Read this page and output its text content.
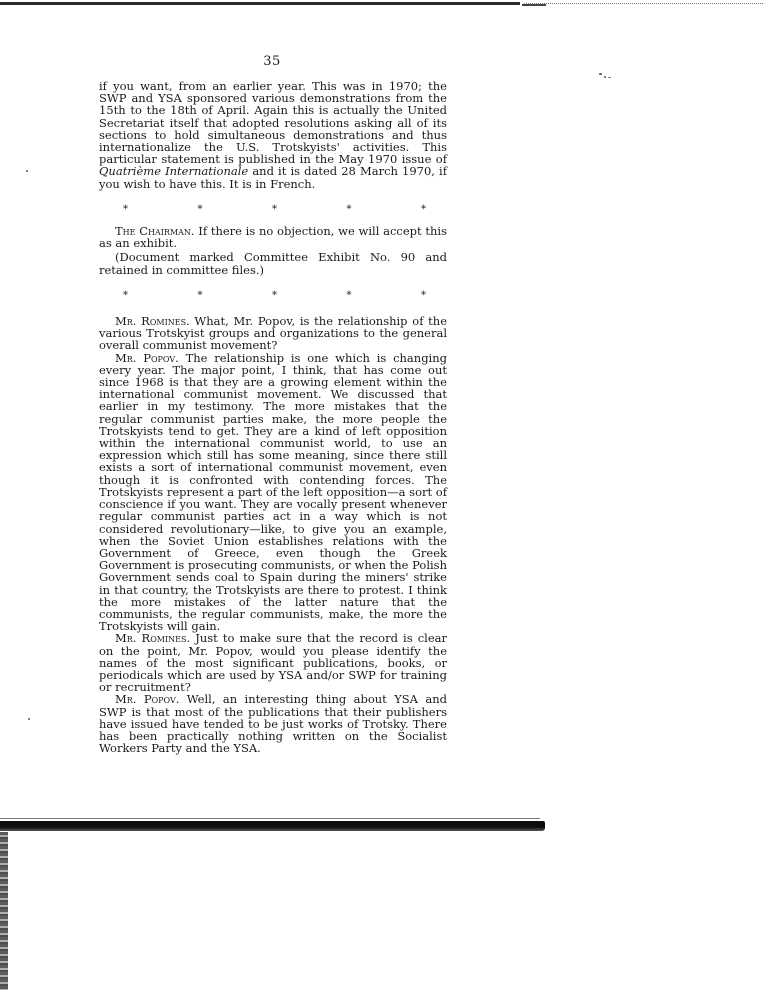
35

if you want, from an earlier year. This was in 1970; the SWP and YSA sponsored various demonstrations from the 15th to the 18th of April. Again this is actually the United Secretariat itself that adopted resolutions asking all of its sections to hold simultaneous demonstrations and thus internationalize the U.S. Trotskyists' activities. This particular statement is published in the May 1970 issue of Quatrième Internationale and it is dated 28 March 1970, if you wish to have this. It is in French.

*	*	*	*	*

The Chairman. If there is no objection, we will accept this as an exhibit.

(Document marked Committee Exhibit No. 90 and retained in committee files.)

*	*	*	*	*

Mr. Romines. What, Mr. Popov, is the relationship of the various Trotskyist groups and organizations to the general overall communist movement?

Mr. Popov. The relationship is one which is changing every year. The major point, I think, that has come out since 1968 is that they are a growing element within the international communist movement. We discussed that earlier in my testimony. The more mistakes that the regular communist parties make, the more people the Trotskyists tend to get. They are a kind of left opposition within the international communist world, to use an expression which still has some meaning, since there still exists a sort of international communist movement, even though it is confronted with contending forces. The Trotskyists represent a part of the left opposition—a sort of conscience if you want. They are vocally present whenever regular communist parties act in a way which is not considered revolutionary—like, to give you an example, when the Soviet Union establishes relations with the Government of Greece, even though the Greek Government is prosecuting communists, or when the Polish Government sends coal to Spain during the miners' strike in that country, the Trotskyists are there to protest. I think the more mistakes of the latter nature that the communists, the regular communists, make, the more the Trotskyists will gain.

Mr. Romines. Just to make sure that the record is clear on the point, Mr. Popov, would you please identify the names of the most significant publications, books, or periodicals which are used by YSA and/or SWP for training or recruitment?

Mr. Popov. Well, an interesting thing about YSA and SWP is that most of the publications that their publishers have issued have tended to be just works of Trotsky. There has been practically nothing written on the Socialist Workers Party and the YSA.
